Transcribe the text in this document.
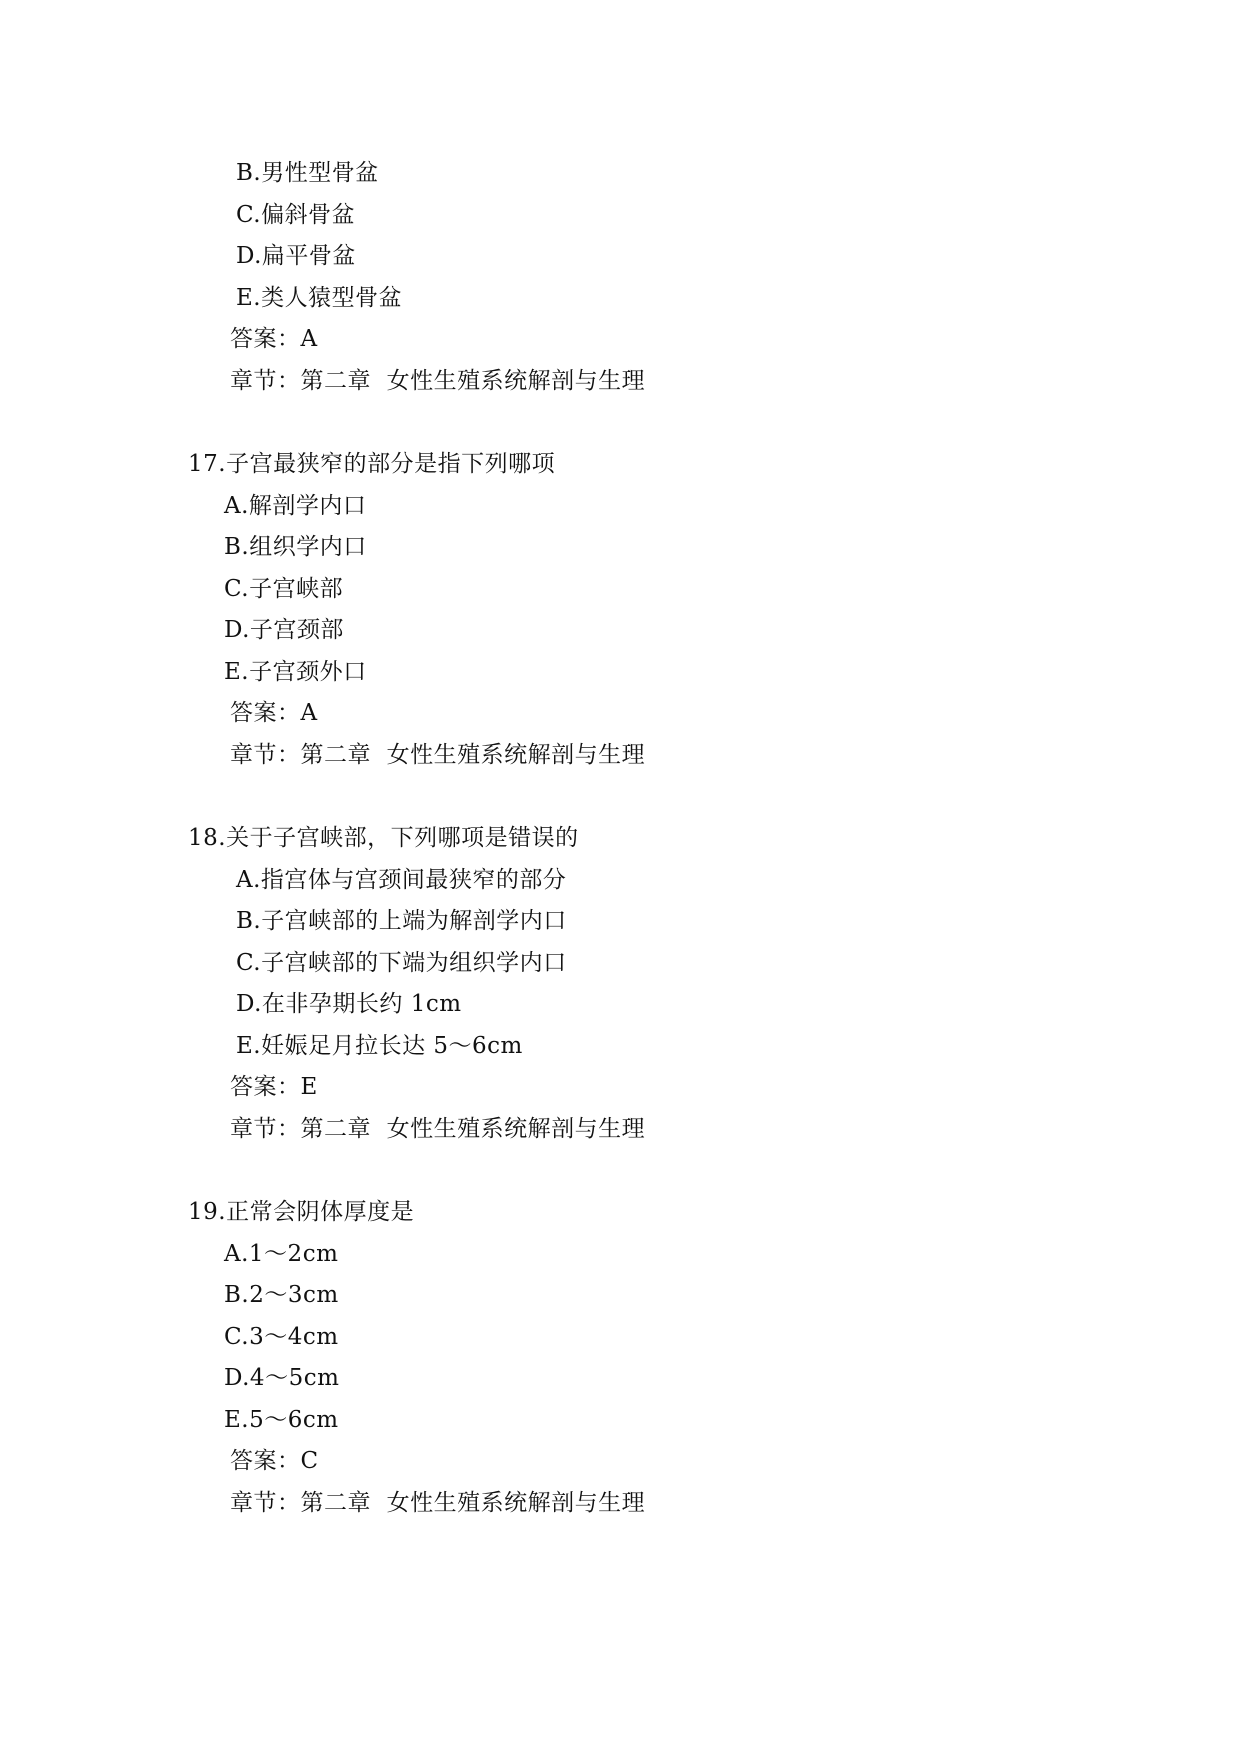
B.男性型骨盆
C.偏斜骨盆
D.扁平骨盆
E.类人猿型骨盆
答案：A
章节：第二章  女性生殖系统解剖与生理
17.子宫最狭窄的部分是指下列哪项
A.解剖学内口
B.组织学内口
C.子宫峡部
D.子宫颈部
E.子宫颈外口
答案：A
章节：第二章  女性生殖系统解剖与生理
18.关于子宫峡部，下列哪项是错误的
A.指宫体与宫颈间最狭窄的部分
B.子宫峡部的上端为解剖学内口
C.子宫峡部的下端为组织学内口
D.在非孕期长约 1cm
E.妊娠足月拉长达 5～6cm
答案：E
章节：第二章  女性生殖系统解剖与生理
19.正常会阴体厚度是
A.1～2cm
B.2～3cm
C.3～4cm
D.4～5cm
E.5～6cm
答案：C
章节：第二章  女性生殖系统解剖与生理
